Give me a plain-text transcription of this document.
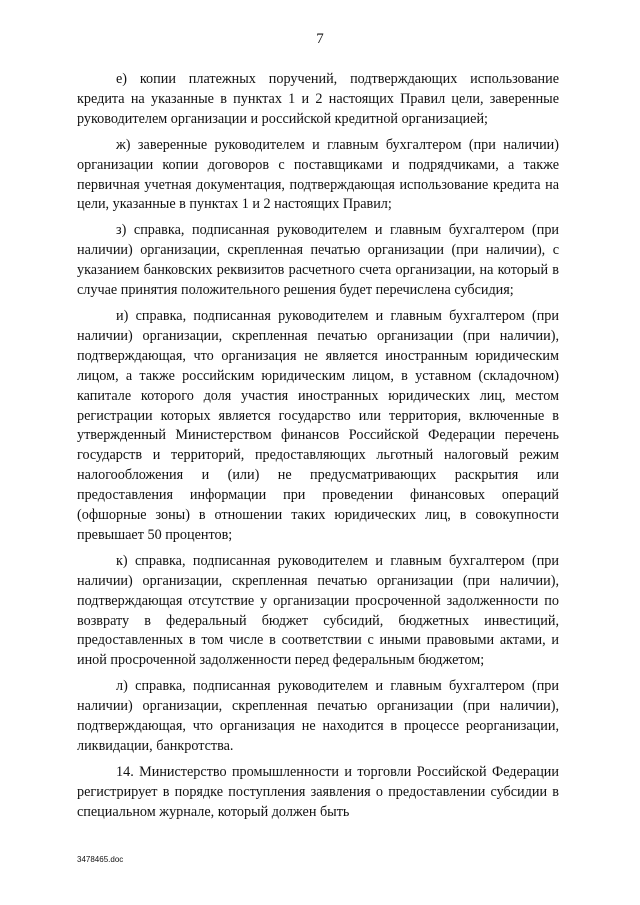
7

е) копии платежных поручений, подтверждающих использование кредита на указанные в пунктах 1 и 2 настоящих Правил цели, заверенные руководителем организации и российской кредитной организацией;

ж) заверенные руководителем и главным бухгалтером (при наличии) организации копии договоров с поставщиками и подрядчиками, а также первичная учетная документация, подтверждающая использование кредита на цели, указанные в пунктах 1 и 2 настоящих Правил;

з) справка, подписанная руководителем и главным бухгалтером (при наличии) организации, скрепленная печатью организации (при наличии), с указанием банковских реквизитов расчетного счета организации, на который в случае принятия положительного решения будет перечислена субсидия;

и) справка, подписанная руководителем и главным бухгалтером (при наличии) организации, скрепленная печатью организации (при наличии), подтверждающая, что организация не является иностранным юридическим лицом, а также российским юридическим лицом, в уставном (складочном) капитале которого доля участия иностранных юридических лиц, местом регистрации которых является государство или территория, включенные в утвержденный Министерством финансов Российской Федерации перечень государств и территорий, предоставляющих льготный налоговый режим налогообложения и (или) не предусматривающих раскрытия или предоставления информации при проведении финансовых операций (офшорные зоны) в отношении таких юридических лиц, в совокупности превышает 50 процентов;

к) справка, подписанная руководителем и главным бухгалтером (при наличии) организации, скрепленная печатью организации (при наличии), подтверждающая отсутствие у организации просроченной задолженности по возврату в федеральный бюджет субсидий, бюджетных инвестиций, предоставленных в том числе в соответствии с иными правовыми актами, и иной просроченной задолженности перед федеральным бюджетом;

л) справка, подписанная руководителем и главным бухгалтером (при наличии) организации, скрепленная печатью организации (при наличии), подтверждающая, что организация не находится в процессе реорганизации, ликвидации, банкротства.

14. Министерство промышленности и торговли Российской Федерации регистрирует в порядке поступления заявления о предоставлении субсидии в специальном журнале, который должен быть

3478465.doc
